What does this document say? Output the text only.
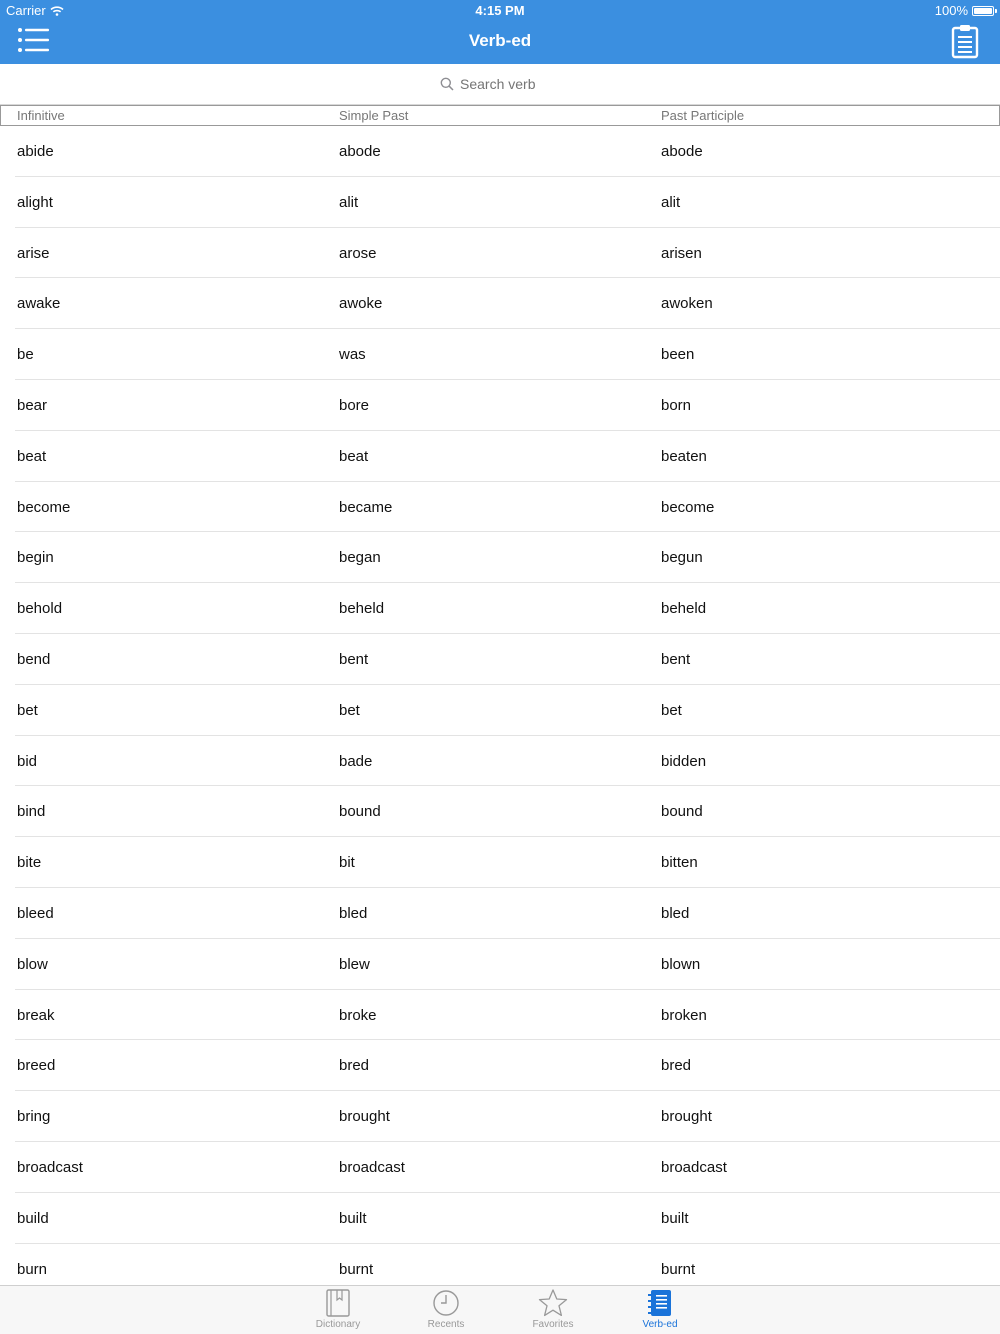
Carrier	4:15 PM	100%
Verb-ed
Search verb
Infinitive	Simple Past	Past Participle
abide	abode	abode
alight	alit	alit
arise	arose	arisen
awake	awoke	awoken
be	was	been
bear	bore	born
beat	beat	beaten
become	became	become
begin	began	begun
behold	beheld	beheld
bend	bent	bent
bet	bet	bet
bid	bade	bidden
bind	bound	bound
bite	bit	bitten
bleed	bled	bled
blow	blew	blown
break	broke	broken
breed	bred	bred
bring	brought	brought
broadcast	broadcast	broadcast
build	built	built
burn	burnt	burnt
Dictionary	Recents	Favorites	Verb-ed
